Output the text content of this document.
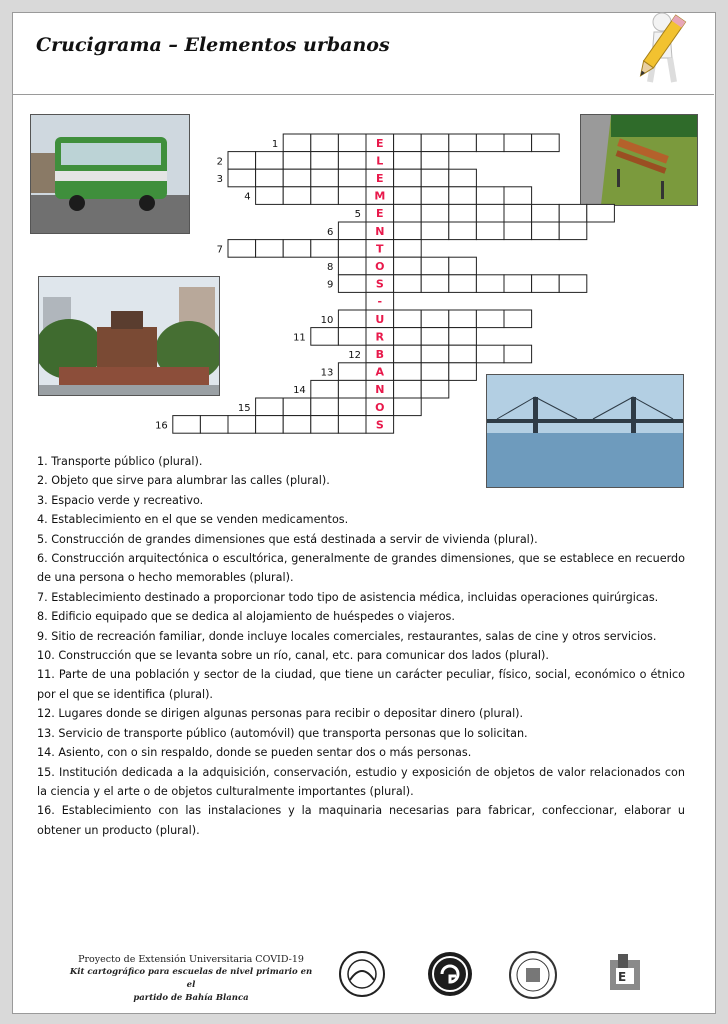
Crucigrama – Elementos urbanos
E
1
L
2
E
3
M
4
E
5
N
6
T
7
O
8
S
9
-
U
10
R
11
B
12
A
13
N
14
O
15
S
16

1. Transporte público (plural).

2. Objeto que sirve para alumbrar las calles (plural).

3. Espacio verde y recreativo.

4. Establecimiento en el que se venden medicamentos.

5. Construcción de grandes dimensiones que está destinada a servir de vivienda (plural).

6. Construcción arquitectónica o escultórica, generalmente de grandes dimensiones, que se establece en recuerdo de una persona o hecho memorables (plural).

7. Establecimiento destinado a proporcionar todo tipo de asistencia médica, incluidas operaciones quirúrgicas.

8. Edificio equipado que se dedica al alojamiento de huéspedes o viajeros.

9. Sitio de recreación familiar, donde incluye locales comerciales, restaurantes, salas de cine y otros servicios.

10. Construcción que se levanta sobre un río, canal, etc. para comunicar dos lados (plural).

11. Parte de una población y sector de la ciudad, que tiene un carácter peculiar, físico, social, económico o étnico por el que se identifica (plural).

12. Lugares donde se dirigen algunas personas para recibir o depositar dinero (plural).

13. Servicio de transporte público (automóvil) que transporta personas que lo solicitan.

14. Asiento, con o sin respaldo, donde se pueden sentar dos o más personas.

15. Institución dedicada a la adquisición, conservación, estudio y exposición de objetos de valor relacionados con la ciencia y el arte o de objetos culturalmente importantes (plural).

16. Establecimiento con las instalaciones y la maquinaria necesarias para fabricar, confeccionar, elaborar u obtener un producto (plural).

Proyecto de Extensión Universitaria COVID-19
Kit cartográfico para escuelas de nivel primario en el
partido de Bahía Blanca
E
